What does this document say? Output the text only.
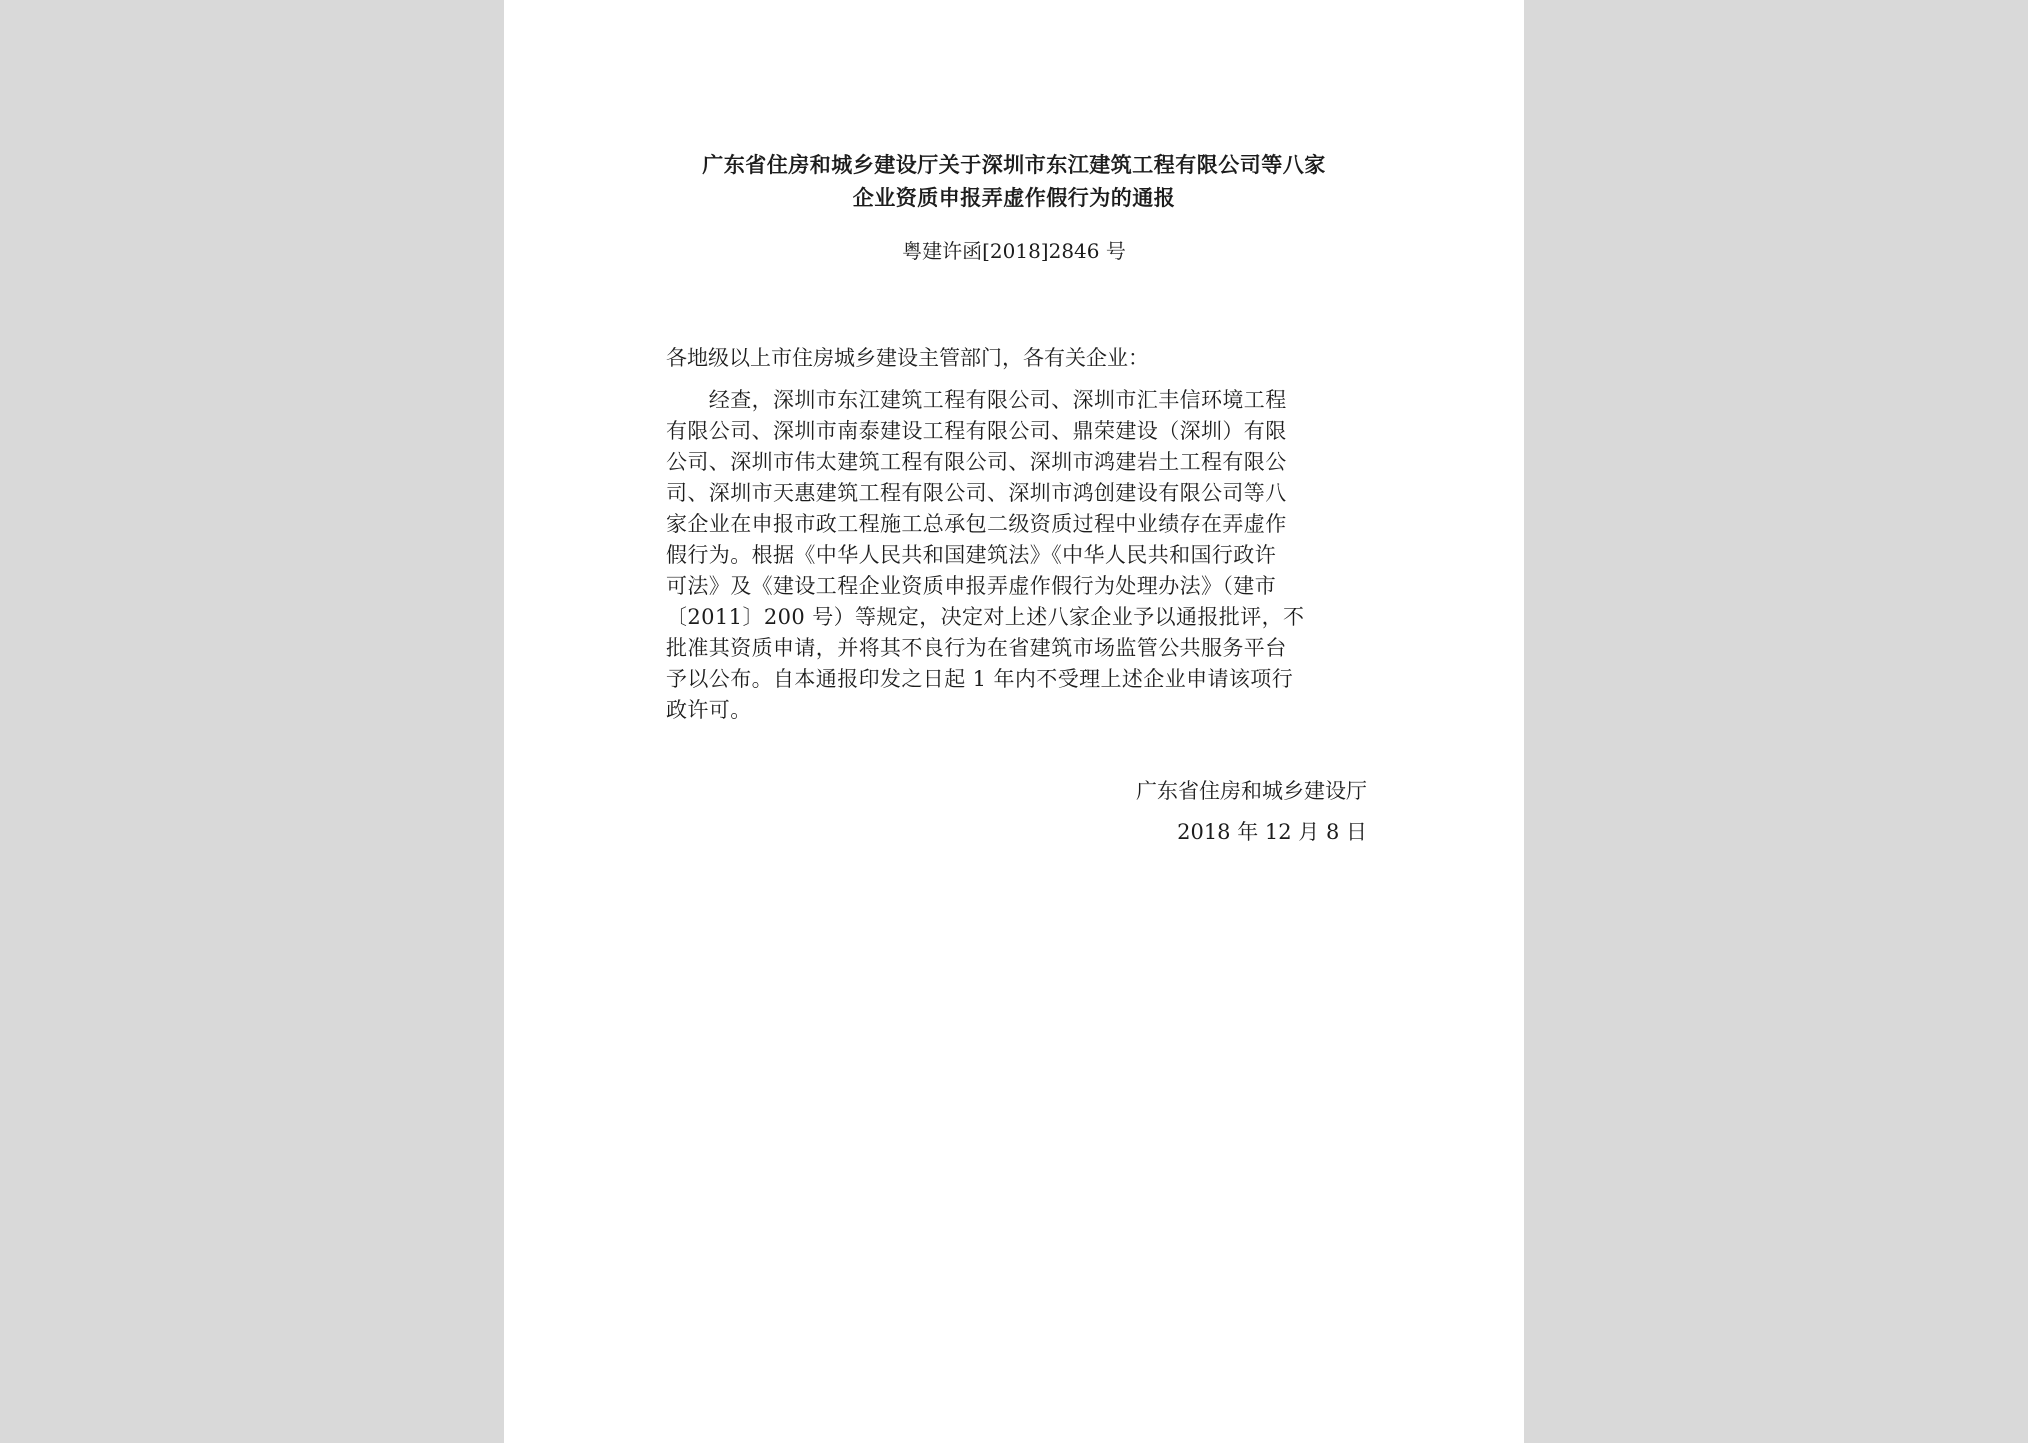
广东省住房和城乡建设厅关于深圳市东江建筑工程有限公司等八家
企业资质申报弄虚作假行为的通报
粤建许函[2018]2846 号
各地级以上市住房城乡建设主管部门，各有关企业：
　　经查，深圳市东江建筑工程有限公司、深圳市汇丰信环境工程
有限公司、深圳市南泰建设工程有限公司、鼎荣建设（深圳）有限
公司、深圳市伟太建筑工程有限公司、深圳市鸿建岩土工程有限公
司、深圳市天惠建筑工程有限公司、深圳市鸿创建设有限公司等八
家企业在申报市政工程施工总承包二级资质过程中业绩存在弄虚作
假行为。根据《中华人民共和国建筑法》《中华人民共和国行政许
可法》及《建设工程企业资质申报弄虚作假行为处理办法》（建市
〔2011〕200 号）等规定，决定对上述八家企业予以通报批评，不
批准其资质申请，并将其不良行为在省建筑市场监管公共服务平台
予以公布。自本通报印发之日起 1 年内不受理上述企业申请该项行
政许可。
广东省住房和城乡建设厅
2018 年 12 月 8 日
